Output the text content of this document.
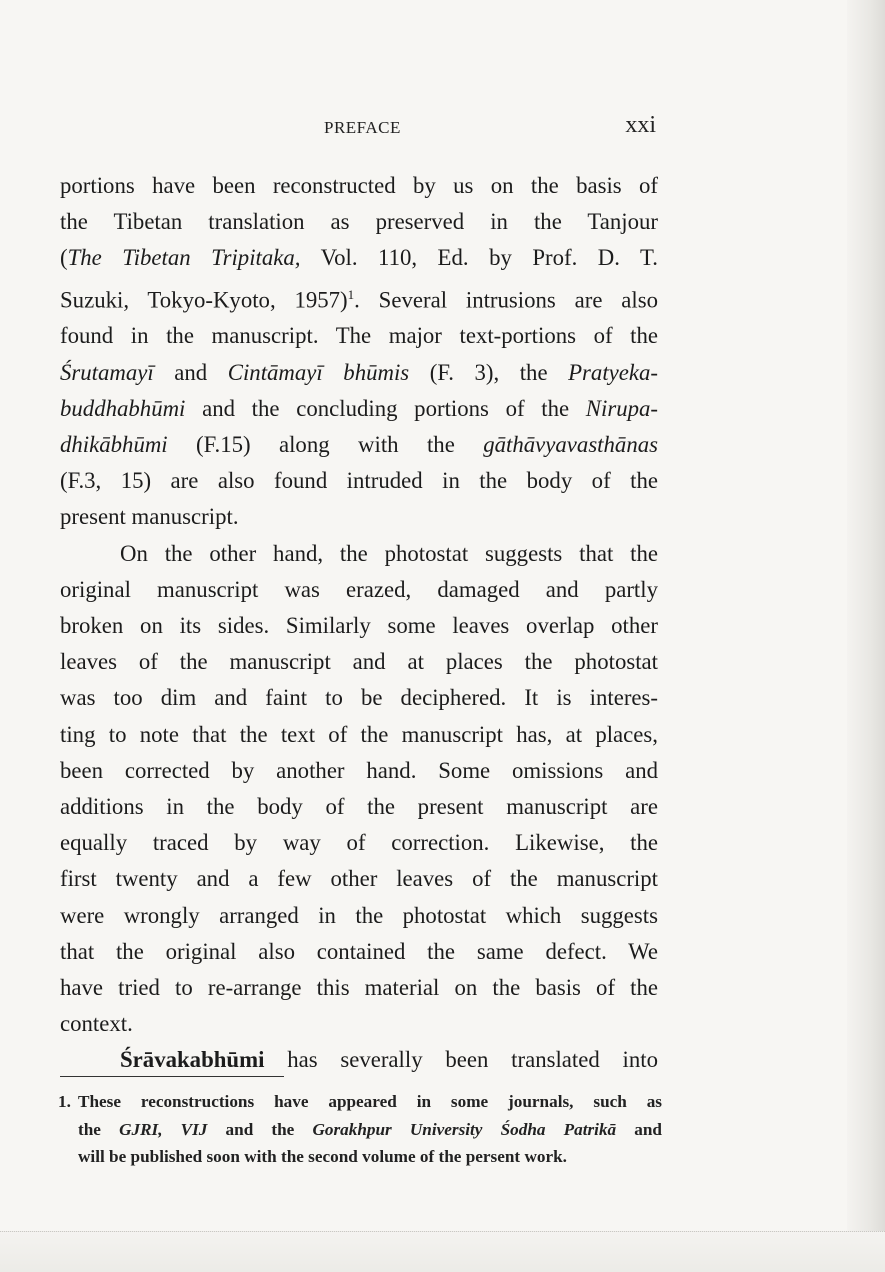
PREFACE	xxi
portions have been reconstructed by us on the basis of
the Tibetan translation as preserved in the Tanjour
(The Tibetan Tripitaka, Vol. 110, Ed. by Prof. D. T.
Suzuki, Tokyo-Kyoto, 1957)$^1$. Several intrusions are also
found in the manuscript. The major text-portions of the
Śrutamayī and Cintāmayī bhūmis (F. 3), the Pratyeka-
buddhabhūmi and the concluding portions of the Nirupa-
dhikābhūmi (F.15) along with the gāthāvyavasthānas
(F.3, 15) are also found intruded in the body of the
present manuscript.
On the other hand, the photostat suggests that the
original manuscript was erazed, damaged and partly
broken on its sides. Similarly some leaves overlap other
leaves of the manuscript and at places the photostat
was too dim and faint to be deciphered. It is interes-
ting to note that the text of the manuscript has, at places,
been corrected by another hand. Some omissions and
additions in the body of the present manuscript are
equally traced by way of correction. Likewise, the
first twenty and a few other leaves of the manuscript
were wrongly arranged in the photostat which suggests
that the original also contained the same defect. We
have tried to re-arrange this material on the basis of the
context.
Śrāvakabhūmi has severally been translated into
1. These reconstructions have appeared in some journals, such as
the GJRI, VIJ and the Gorakhpur University Śodha Patrikā and
will be published soon with the second volume of the persent work.
